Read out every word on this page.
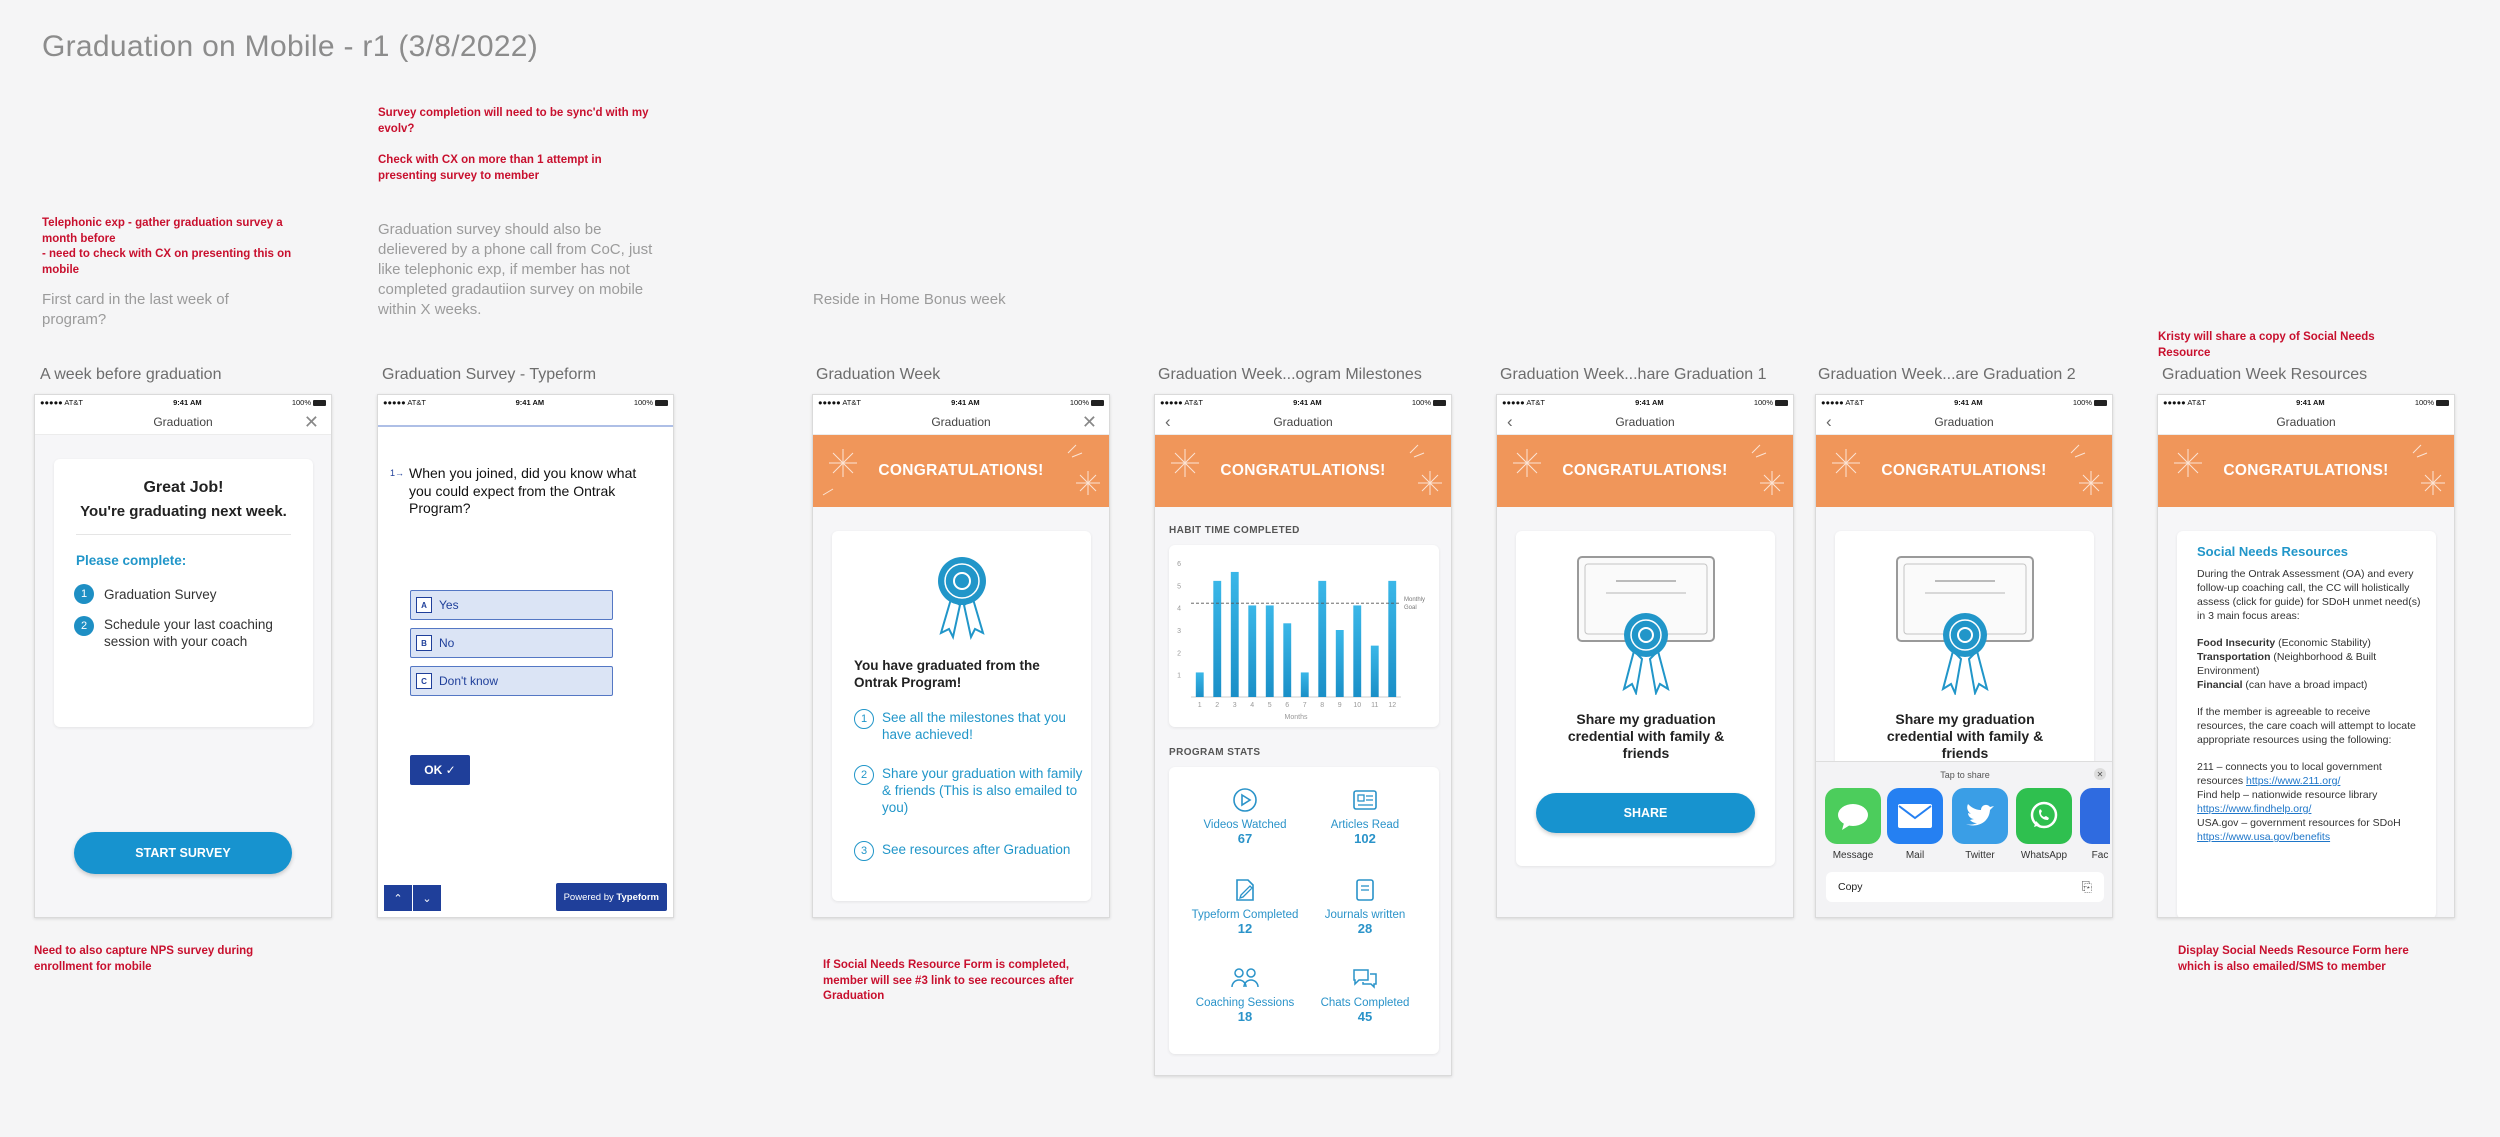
Graduation on Mobile - r1 (3/8/2022)
Telephonic exp - gather graduation survey a month before
- need to check with CX on presenting this on mobile
First card in the last week of program?
Survey completion will need to be sync'd with my evolv?
Check with CX on more than 1 attempt in presenting survey to member
Graduation survey should also be delievered by a phone call from CoC, just like telephonic exp, if member has not completed gradautiion survey on mobile within X weeks.
Reside in Home Bonus week
Kristy will share a copy of Social Needs Resource
Need to also capture NPS survey during enrollment for mobile	If Social Needs Resource Form is completed, member will see #3 link to see recources after Graduation
Display Social Needs Resource Form here which is also emailed/SMS to member
A week before graduation	Graduation Survey - Typeform	Graduation Week	Graduation Week...ogram Milestones	Graduation Week...hare Graduation 1	Graduation Week...are Graduation 2	Graduation Week Resources
●●●●● AT&T	9:41 AM	100%
Graduation	✕
Great Job!
You're graduating next week.
Please complete:
1	Graduation Survey
2	Schedule your last coaching session with your coach
START SURVEY
●●●●● AT&T	9:41 AM	100%
1→ When you joined, did you know what you could expect from the Ontrak Program?
A	Yes
B	No
C	Don't know
OK ✓
⌃	⌄	Powered by
Typeform
●●●●● AT&T	9:41 AM	100%
Graduation	✕
CONGRATULATIONS!
You have graduated from the Ontrak Program!
1	See all the milestones that you have achieved!
2	Share your graduation with family & friends (This is also emailed to you)
3	See resources after Graduation
●●●●● AT&T	9:41 AM	100%
‹	Graduation
CONGRATULATIONS!
HABIT TIME COMPLETED
1
2
3
4
5
6
1 2 3 4 5 6 7 8 9 10 11 12
Monthly
Goal
Months
PROGRAM STATS
Videos Watched
67
Articles Read
102
Typeform Completed
12
Journals written
28
Coaching Sessions
18
Chats Completed
45
●●●●● AT&T	9:41 AM	100%
‹	Graduation
CONGRATULATIONS!
Share my graduation credential with family & friends
SHARE
●●●●● AT&T	9:41 AM	100%
‹	Graduation
CONGRATULATIONS!
Share my graduation credential with family & friends
Tap to share	✕
Message	Mail	Twitter	WhatsApp	Fac
Copy	⎘
●●●●● AT&T	9:41 AM	100%
Graduation
CONGRATULATIONS!
Social Needs Resources

During the Ontrak Assessment (OA) and every follow-up coaching call, the CC will holistically assess (click for guide) for SDoH unmet need(s) in 3 main focus areas:

Food Insecurity (Economic Stability)
Transportation (Neighborhood & Built Environment)
Financial (can have a broad impact)

If the member is agreeable to receive resources, the care coach will attempt to locate appropriate resources using the following:

211 – connects you to local government resources https://www.211.org/
Find help – nationwide resource library https://www.findhelp.org/
USA.gov – government resources for SDoH https://www.usa.gov/benefits
